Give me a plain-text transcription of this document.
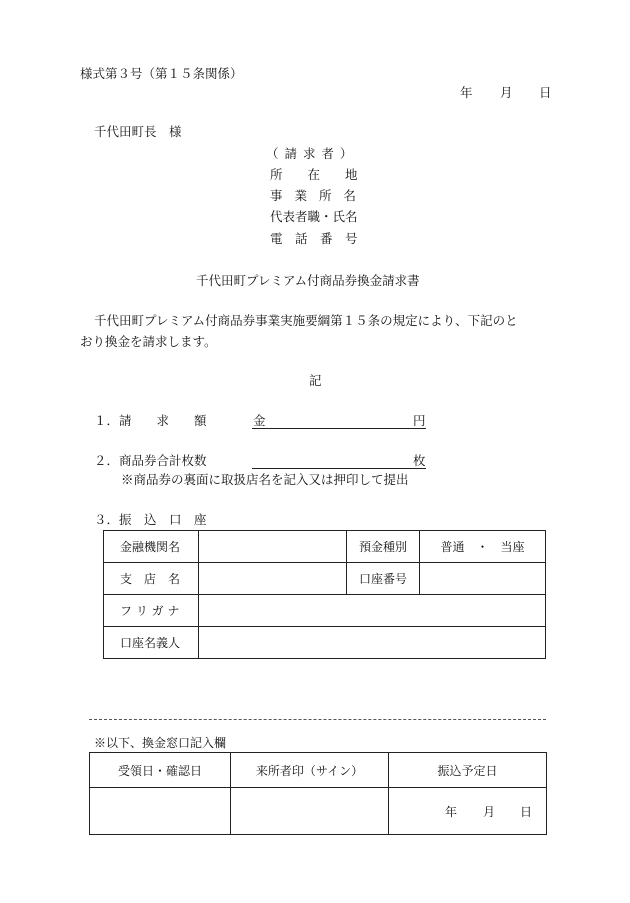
様式第３号（第１５条関係）
年 月 日
千代田町長　様
（ 請 求 者 ）
所　　在　　地
事 業 所 名
代表者職・氏名
電　話　番　号
千代田町プレミアム付商品券換金請求書
千代田町プレミアム付商品券事業実施要綱第１５条の規定により、下記のと
おり換金を請求します。
記
１．請　　求　　額	金	円
２．商品券合計枚数	枚
※商品券の裏面に取扱店名を記入又は押印して提出
３．振　込　口　座
金融機関名		預金種別	普通　・　当座
支　店　名		口座番号	
フ リ ガ ナ			
口座名義人			
※以下、換金窓口記入欄
受領日・確認日	来所者印（サイン）	振込予定日

		年 月 日
